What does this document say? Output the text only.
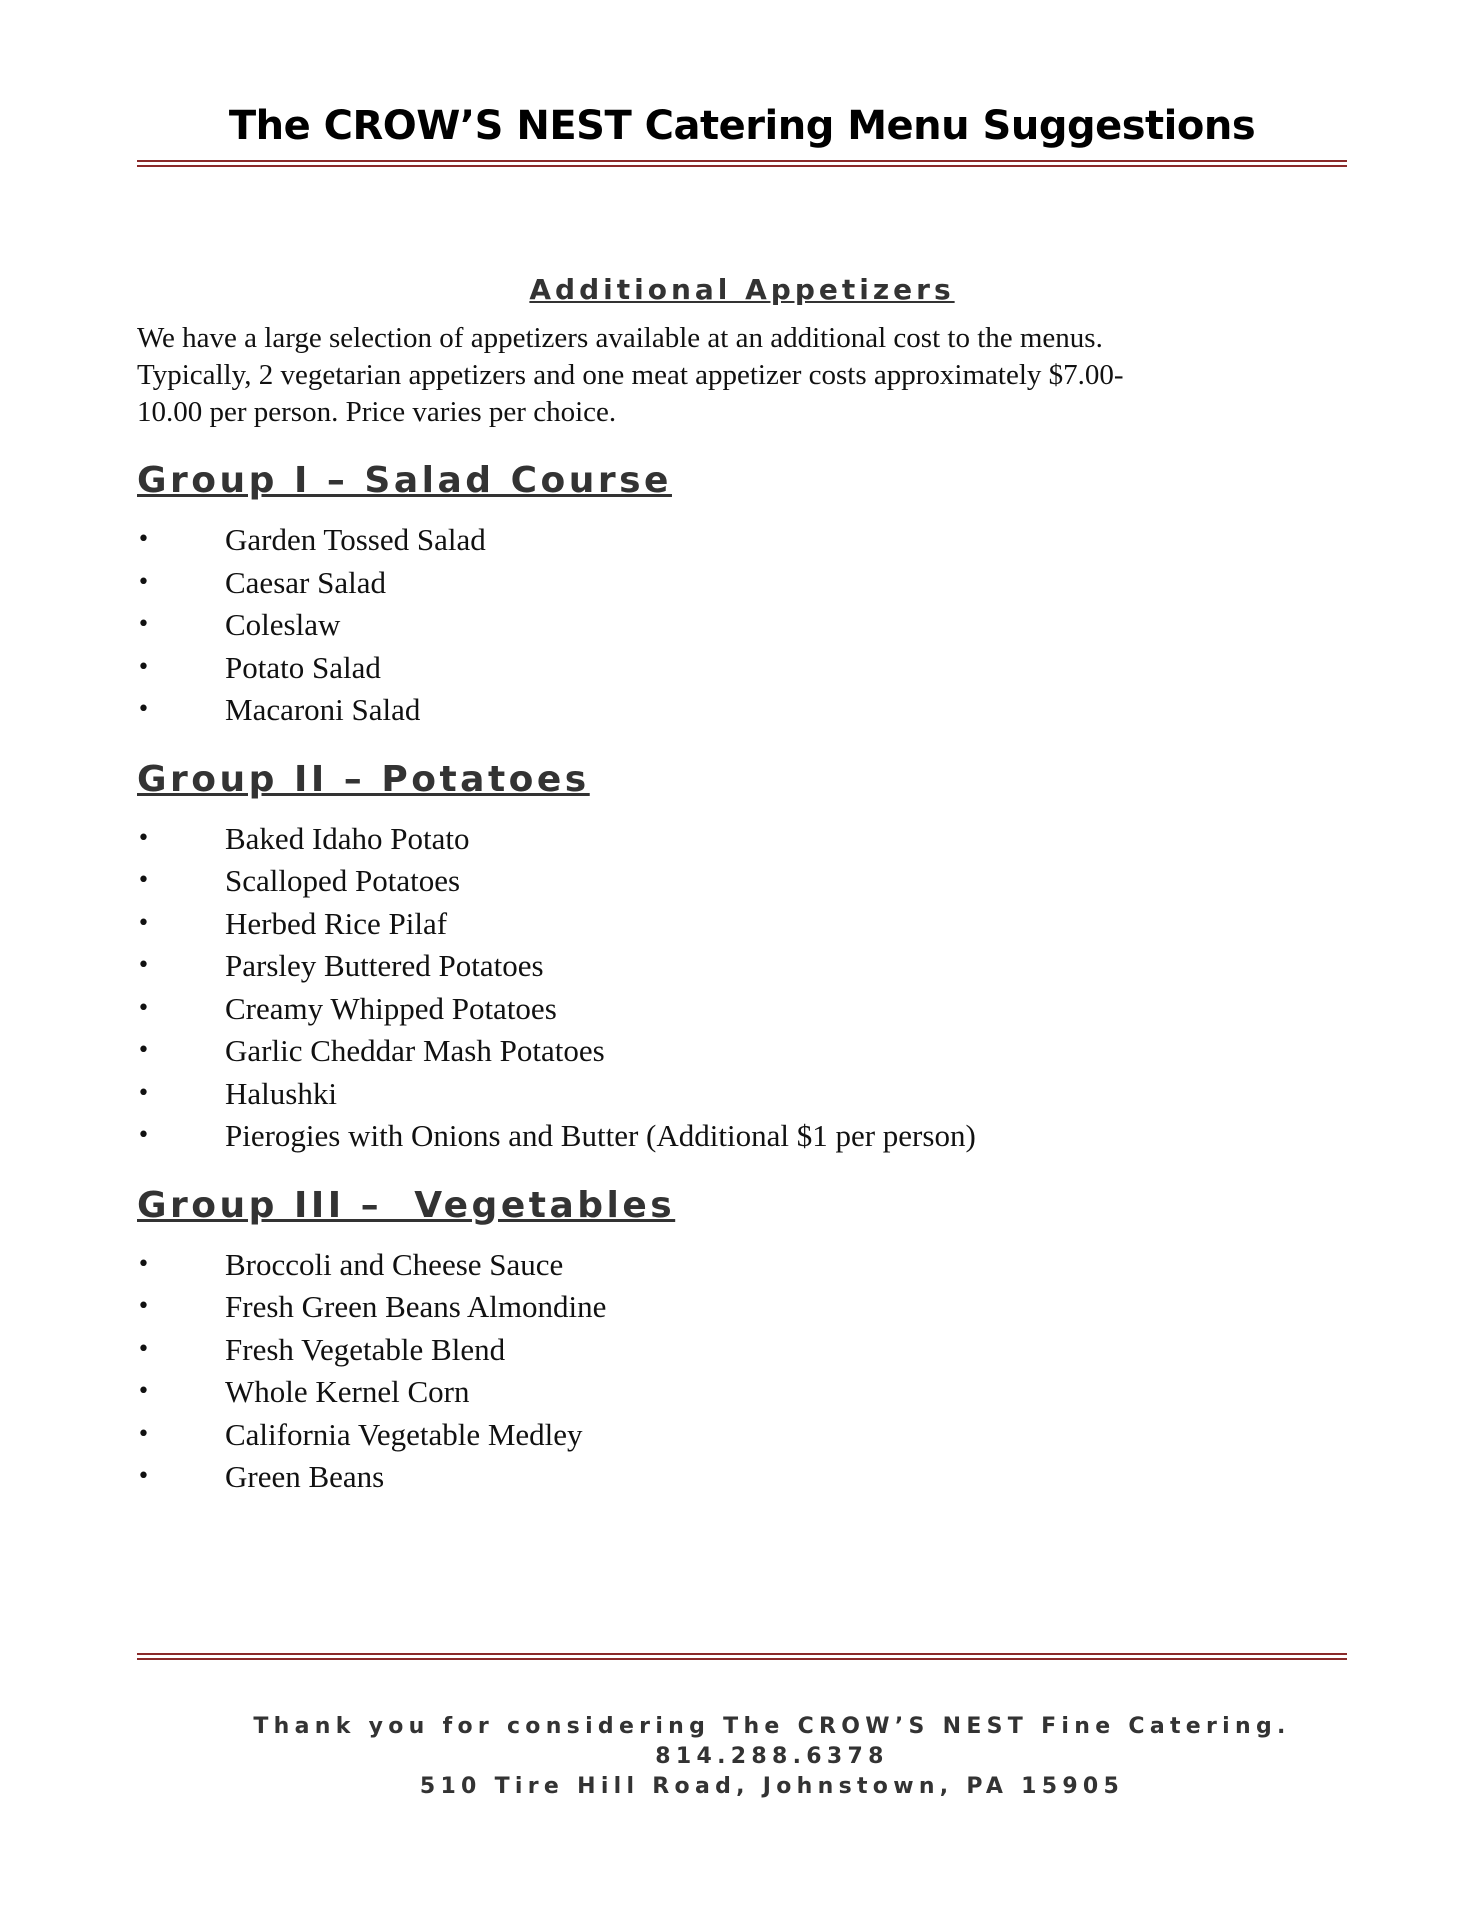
The CROW’S NEST Catering Menu Suggestions
Additional Appetizers

We have a large selection of appetizers available at an additional cost to the menus.
Typically, 2 vegetarian appetizers and one meat appetizer costs approximately $7.00-
10.00 per person. Price varies per choice.

Group I – Salad Course
• Garden Tossed Salad
• Caesar Salad
• Coleslaw
• Potato Salad
• Macaroni Salad
Group II – Potatoes
• Baked Idaho Potato
• Scalloped Potatoes
• Herbed Rice Pilaf
• Parsley Buttered Potatoes
• Creamy Whipped Potatoes
• Garlic Cheddar Mash Potatoes
• Halushki
• Pierogies with Onions and Butter (Additional $1 per person)
Group III –  Vegetables
• Broccoli and Cheese Sauce
• Fresh Green Beans Almondine
• Fresh Vegetable Blend
• Whole Kernel Corn
• California Vegetable Medley
• Green Beans
Thank you for considering The CROW’S NEST Fine Catering. 814.288.6378
510 Tire Hill Road, Johnstown, PA 15905
